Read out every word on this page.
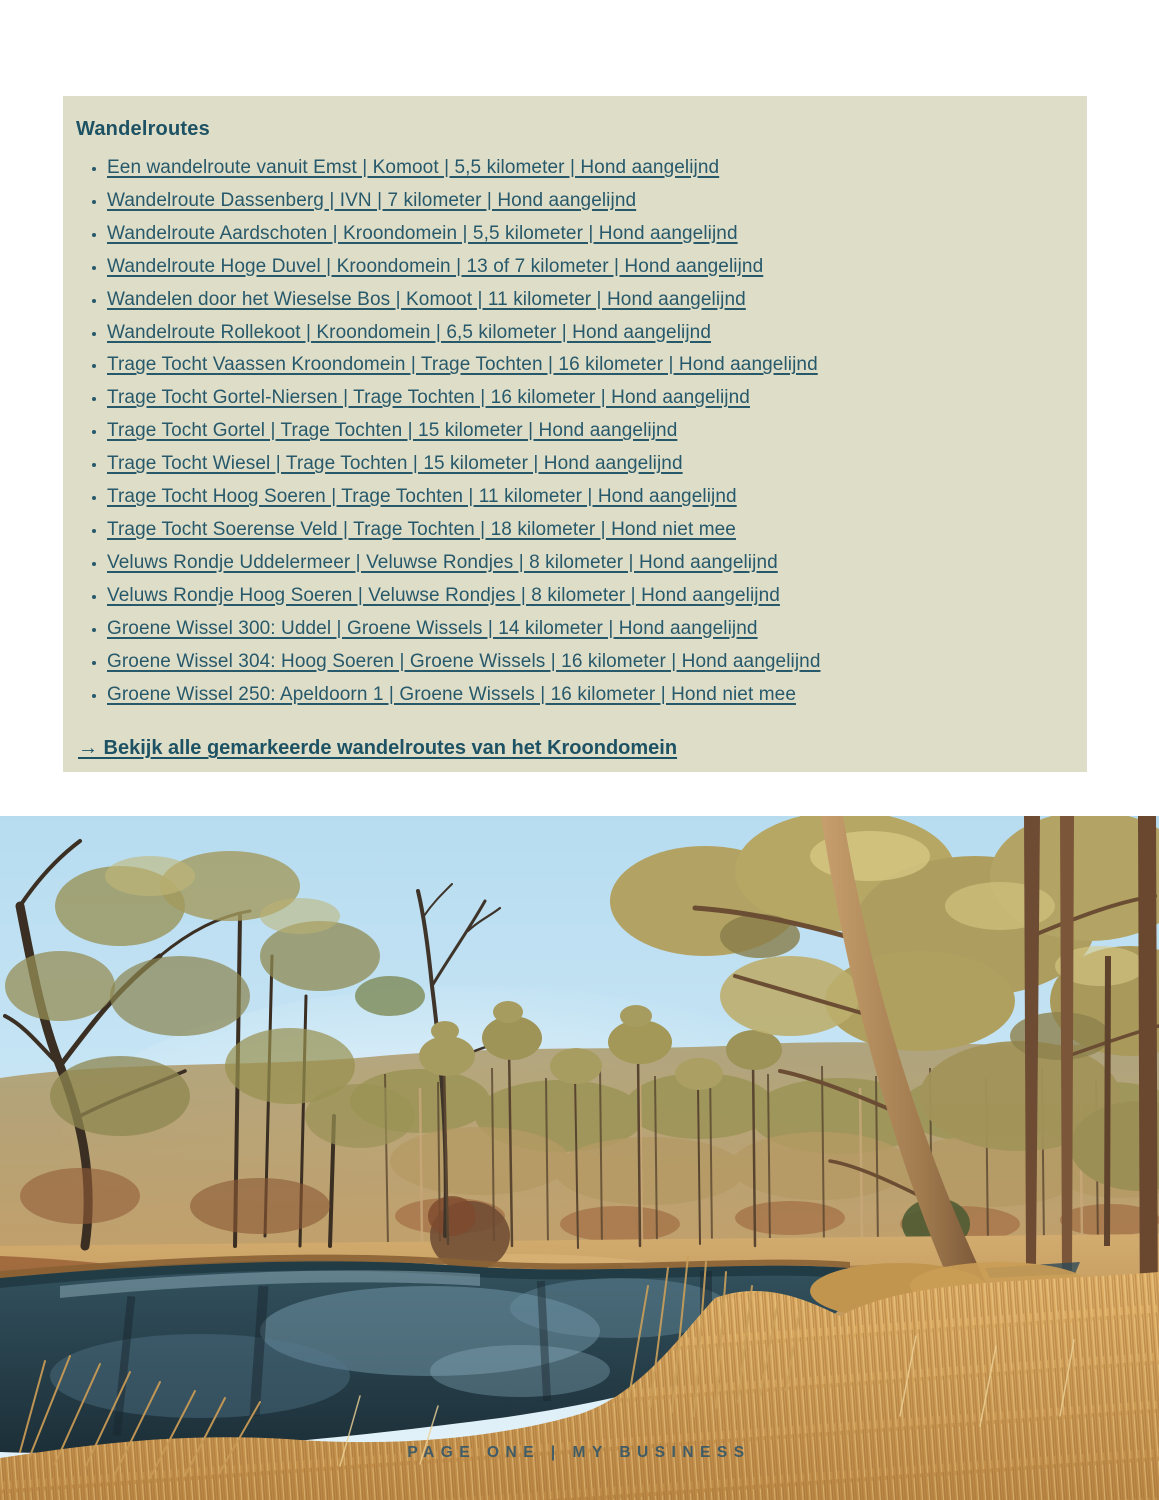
Wandelroutes
• Een wandelroute vanuit Emst | Komoot | 5,5 kilometer | Hond aangelijnd
• Wandelroute Dassenberg | IVN | 7 kilometer | Hond aangelijnd
• Wandelroute Aardschoten | Kroondomein | 5,5 kilometer | Hond aangelijnd
• Wandelroute Hoge Duvel | Kroondomein | 13 of 7 kilometer | Hond aangelijnd
• Wandelen door het Wieselse Bos | Komoot | 11 kilometer | Hond aangelijnd
• Wandelroute Rollekoot | Kroondomein | 6,5 kilometer | Hond aangelijnd
• Trage Tocht Vaassen Kroondomein | Trage Tochten | 16 kilometer | Hond aangelijnd
• Trage Tocht Gortel-Niersen | Trage Tochten | 16 kilometer | Hond aangelijnd
• Trage Tocht Gortel | Trage Tochten | 15 kilometer | Hond aangelijnd
• Trage Tocht Wiesel | Trage Tochten | 15 kilometer | Hond aangelijnd
• Trage Tocht Hoog Soeren | Trage Tochten | 11 kilometer | Hond aangelijnd
• Trage Tocht Soerense Veld | Trage Tochten | 18 kilometer | Hond niet mee
• Veluws Rondje Uddelermeer | Veluwse Rondjes | 8 kilometer | Hond aangelijnd
• Veluws Rondje Hoog Soeren | Veluwse Rondjes | 8 kilometer | Hond aangelijnd
• Groene Wissel 300: Uddel | Groene Wissels | 14 kilometer | Hond aangelijnd
• Groene Wissel 304: Hoog Soeren | Groene Wissels | 16 kilometer | Hond aangelijnd
• Groene Wissel 250: Apeldoorn 1 | Groene Wissels | 16 kilometer | Hond niet mee

→ Bekijk alle gemarkeerde wandelroutes van het Kroondomein

PAGE ONE | MY BUSINESS
